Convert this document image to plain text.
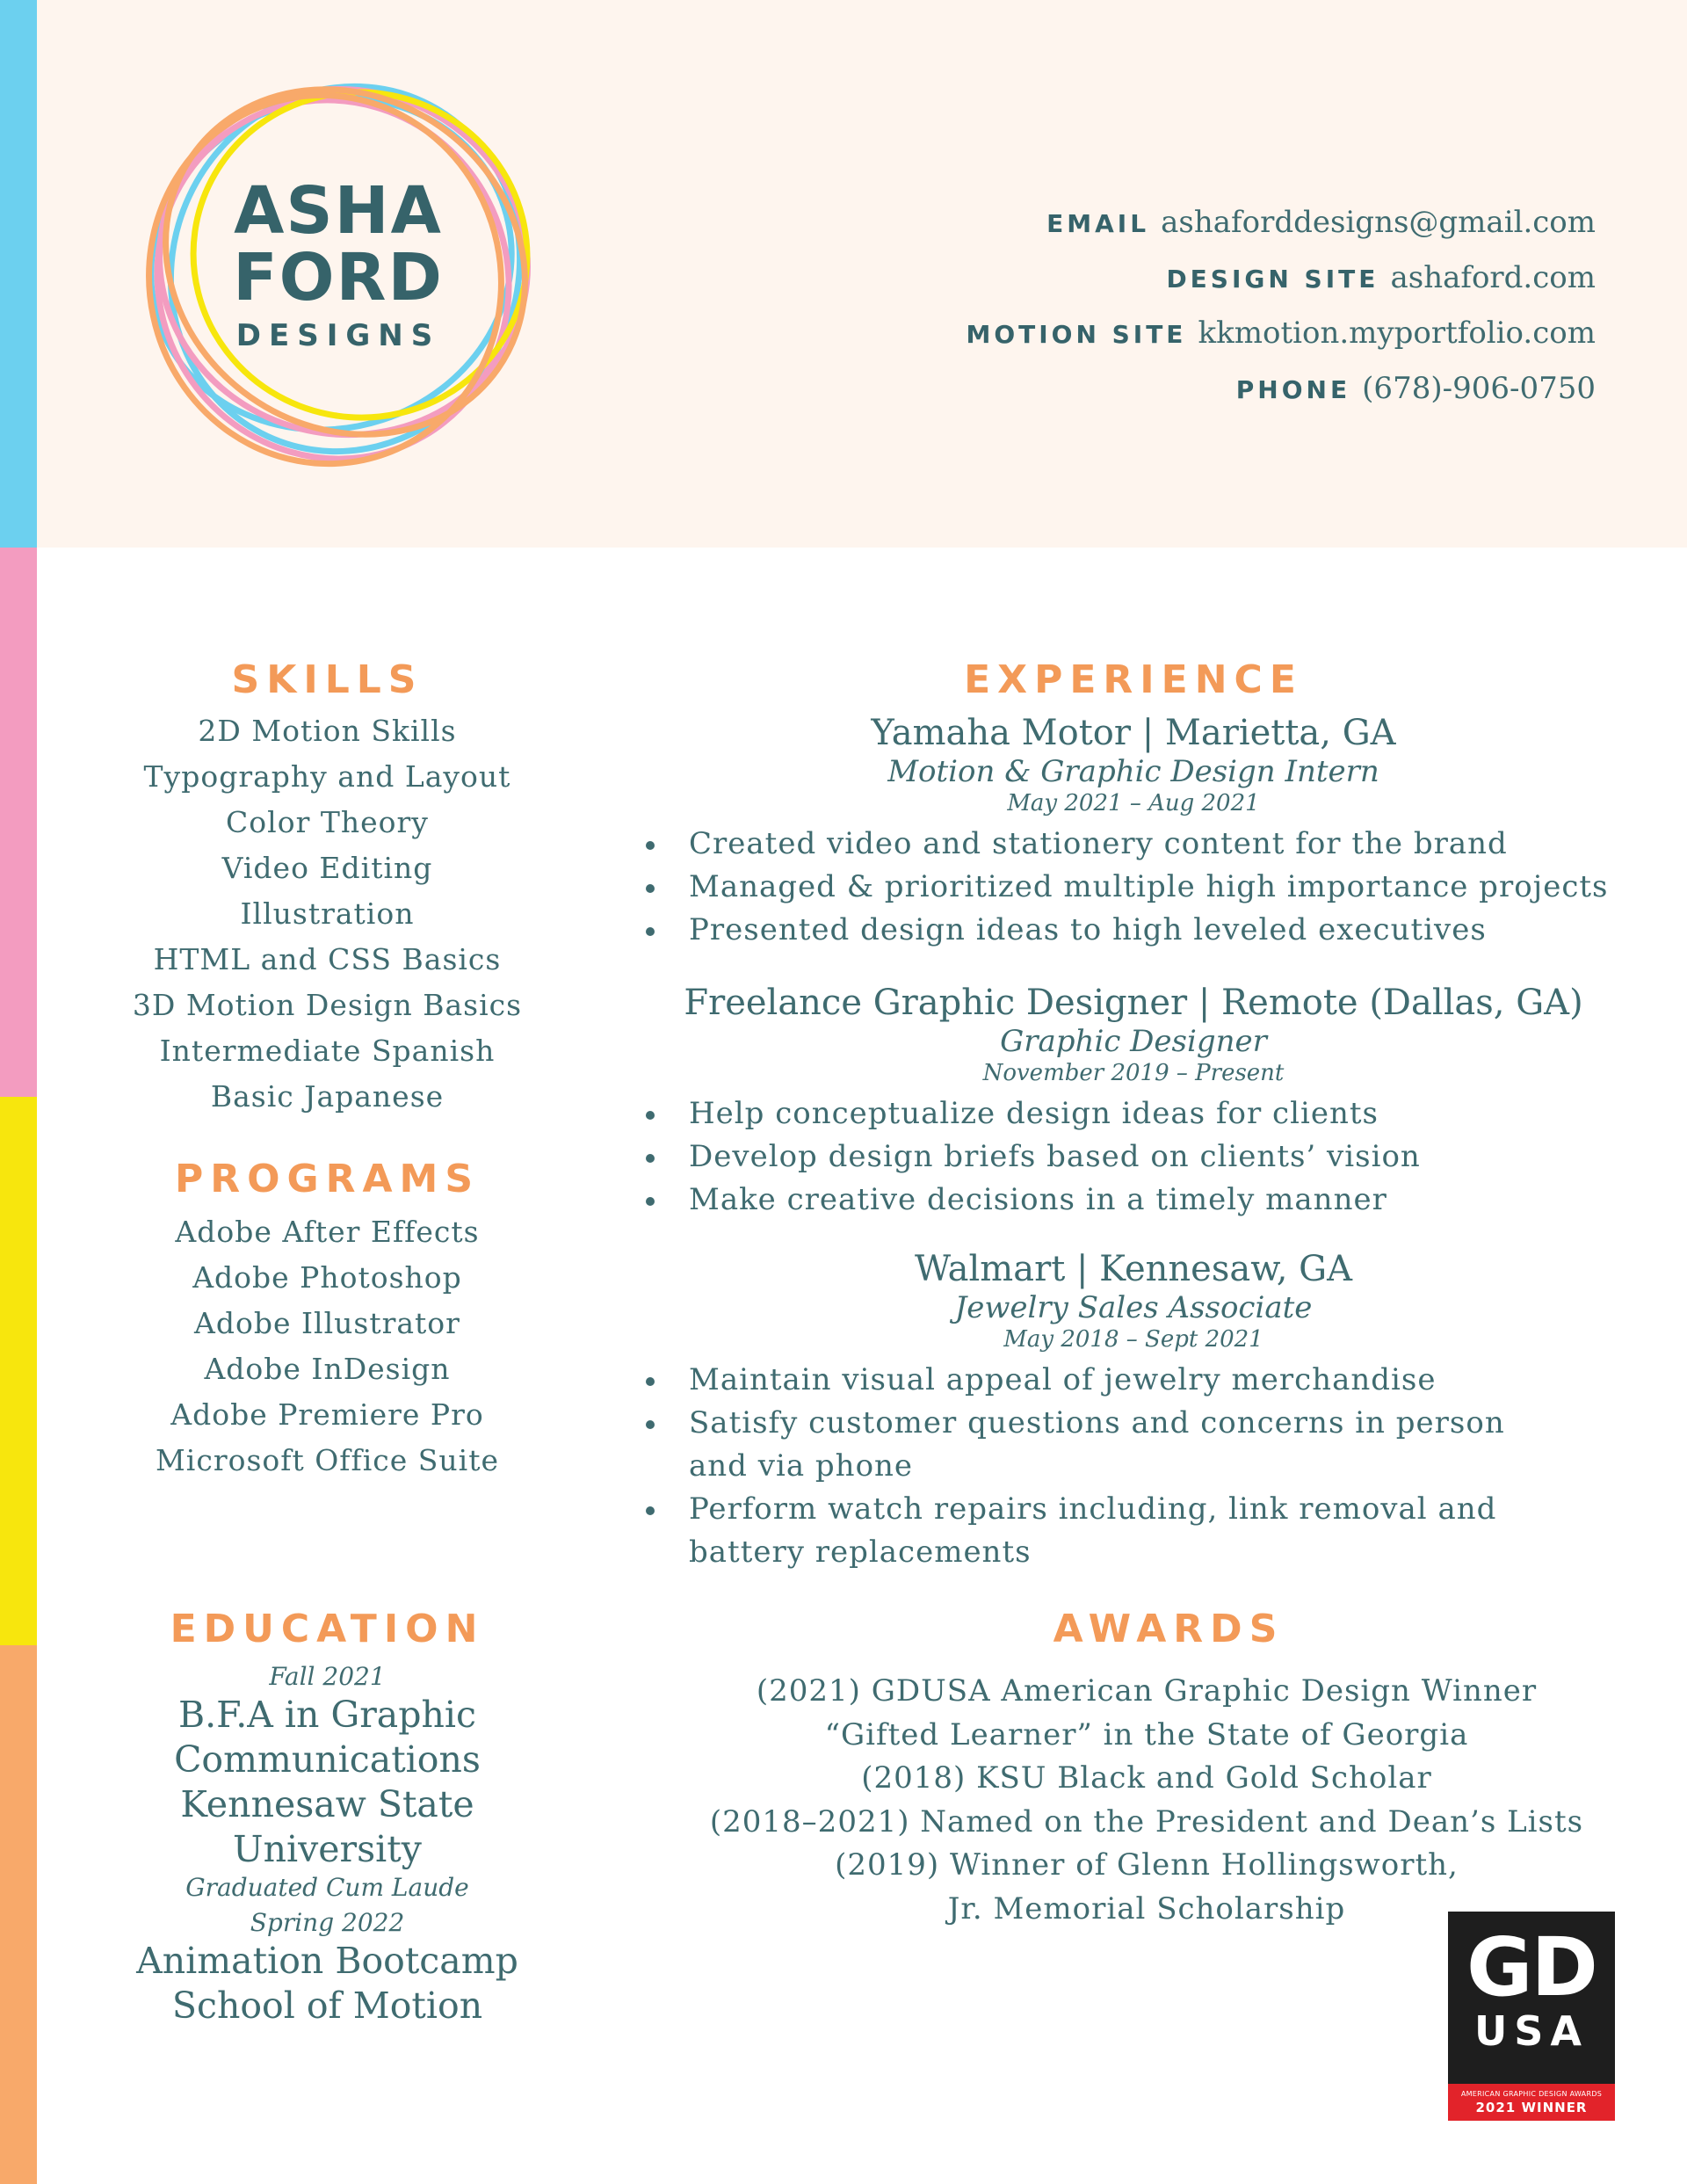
ASHA
FORD
DESIGNS
EMAIL ashaforddesigns@gmail.com
DESIGN SITE ashaford.com
MOTION SITE kkmotion.myportfolio.com
PHONE (678)-906-0750
SKILLS
2D Motion Skills
Typography and Layout
Color Theory
Video Editing
Illustration
HTML and CSS Basics
3D Motion Design Basics
Intermediate Spanish
Basic Japanese
PROGRAMS
Adobe After Effects
Adobe Photoshop
Adobe Illustrator
Adobe InDesign
Adobe Premiere Pro
Microsoft Office Suite
EDUCATION
Fall 2021
B.F.A in Graphic
Communications
Kennesaw State University
Graduated Cum Laude
Spring 2022
Animation Bootcamp
School of Motion
EXPERIENCE
Yamaha Motor | Marietta, GA
Motion & Graphic Design Intern
May 2021 – Aug 2021
Created video and stationery content for the brand
Managed & prioritized multiple high importance projects
Presented design ideas to high leveled executives
Freelance Graphic Designer | Remote (Dallas, GA)
Graphic Designer
November 2019 – Present
Help conceptualize design ideas for clients
Develop design briefs based on clients’ vision
Make creative decisions in a timely manner
Walmart | Kennesaw, GA
Jewelry Sales Associate
May 2018 – Sept 2021
Maintain visual appeal of jewelry merchandise
Satisfy customer questions and concerns in person
and via phone
Perform watch repairs including, link removal and
battery replacements
AWARDS
(2021) GDUSA American Graphic Design Winner
“Gifted Learner” in the State of Georgia
(2018) KSU Black and Gold Scholar
(2018–2021) Named on the President and Dean’s Lists
(2019) Winner of Glenn Hollingsworth,
Jr. Memorial Scholarship
GD
USA
AMERICAN GRAPHIC DESIGN AWARDS
2021 WINNER
